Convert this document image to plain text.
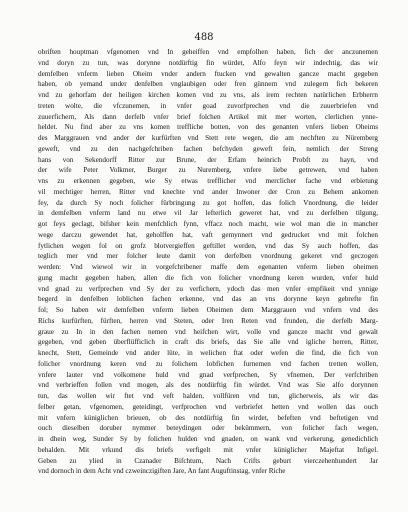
488
obriften houptman vfgenomen vnd In geheiffen vnd empfolhen haben, fich der anczunemen
vnd doryn zu tun, was dorynne notdürftig fin würdet, Alfo feyn wir indechtig, das wir
demfelben vnferm lieben Oheim vnder andern ftucken vnd gewalten gancze macht gegeben
haben, ob yemand under denfelben vnglaubigen oder fren günnern vnd zulegern fich bekeren
vnd zu gehorfam der heiligen kirchen komen vnd zu vns, als irem rechten natürlichen Erbherrn
treten wolte, die vfczunemen, in vnfer goad zuvorfprechen vnd die zuuerbriefen vnd
zuuerfichern, Als dann derfelb vnfer brief folchen Artikel mit mer worten, clerlichen ynne-
heldet. Nu find aber zu vns komen treffliche botten, von des genanten vnfers lieben Oheims
des Marggrauen vnd ander der kurfürften vnd Stett rete wegen, die am nechften zu Nüremberg
geweft, vnd zu den nachgefchriben fachen befchyden geweft fein, nemlich der Streng
hans von Sekendorff Ritter zur Brune, der Erfam heinrich Probft zu hayn, vnd
der wife Peter Volkmer, Burger zu Nuremberg, vnfere liebe getrewen, vnd haben
vns zu erkennen gegeben, wie Sy etwas trefflicher vnd merclicher fache vnd erbietung
vil mechtiger herren, Ritter vnd knechte vnd ander Inwoner der Cron zu Behem ankomen
fey, da durch Sy noch folicher fürbringung zu got hoffen, das folich Vnordnung, die leider
in demfelben vnferm land nu etwe vil Jar lefterlich geweret hat, vnd zu derfelben tilgung,
got feys geclagt, bifsher kein menfchlich fynn, vffacz noch macht, wie wol man die in mancher
wege darczu gewendet hat, geholffen hat, vaft gemynnert vnd gedrucket vnd mit folchen
fytlichen wegen fol on grofz blotvergieffen geftillet werden, vnd das Sy auch hoffen, das
teglich mer vnd mer folcher leute damit von derfelben vnordnung gekeret vnd geczogen
werden: Vnd wiewol wir in vorgefchribener maffe dem egenanten vnferm lieben oheimen
gung macht gegeben haben, allen die fich von folicher vnordnung keren wurden, vnfer huld
vnd gnad zu verfprechen vnd Sy der zu verfichern, ydoch das men vnfer empfikeit vnd ynnige
begerd in denfelben loblichen fachen erkenne, vnd das an vns dorynne keyn gebrefte fin
fol; So haben wir demfelben vnferm lieben Oheimen dem Marggrauen vnd vnfern vnd des
Richs kurfürften, fürften, herren vnd Steten, oder Iren Reten vnd frunden, die derfelb Marg-
graue zu In in den fachen nemen vnd heifchen wirt, volle vnd gancze macht vnd gewalt
gegeben, vnd geben überflüfficlich in craft dis briefs, das Sie alle vnd igliche herren, Ritter,
knecht, Stett, Gemeinde vnd ander lüte, in welichen ftat oder wefen die find, die fich von
folicher vnordnung keren vnd zu folichem lobfichen furnemen vnd fachen tretten wollen,
vnfere lauter vnd volkomene huld vnd gnad verfprechen, Sy vfnemen, Der verfchriben
vnd verbrieffen follen vnd mogen, als des notdürftig fin würdet. Vnd was Sie alfo dorynnen
tun, das wollen wir ftet vnd veft halden, vollfüren vnd tun, glicherweis, als wir das
felber getan, vfgenomen, geteidingt, verfprochen vnd verbriefet hetten vnd wollen das ouch
mit vnfern küniglichen brieuen, ob des notdürftig fin wirdet, befeften vnd beftetigen vnd
ouch dieselben doruber nymmer beteydingen oder bekümmern, von folicher fach wegen,
in dhein weg, Sunder Sy by folichen hulden vnd gnaden, on wank vnd verkerung, genedichlich
behalden. Mit vrkund dis briefs verfigelt mit vnfer küniglicher Majeftat Infigel.
Geben zu ylied in Czanader Bifchtum, Nach Crifts geburt vierczehenhundert Jar
vnd dornoch in dem Acht vnd czweinczigiften Jare, An fant Auguftinstag, vnfer Riche
